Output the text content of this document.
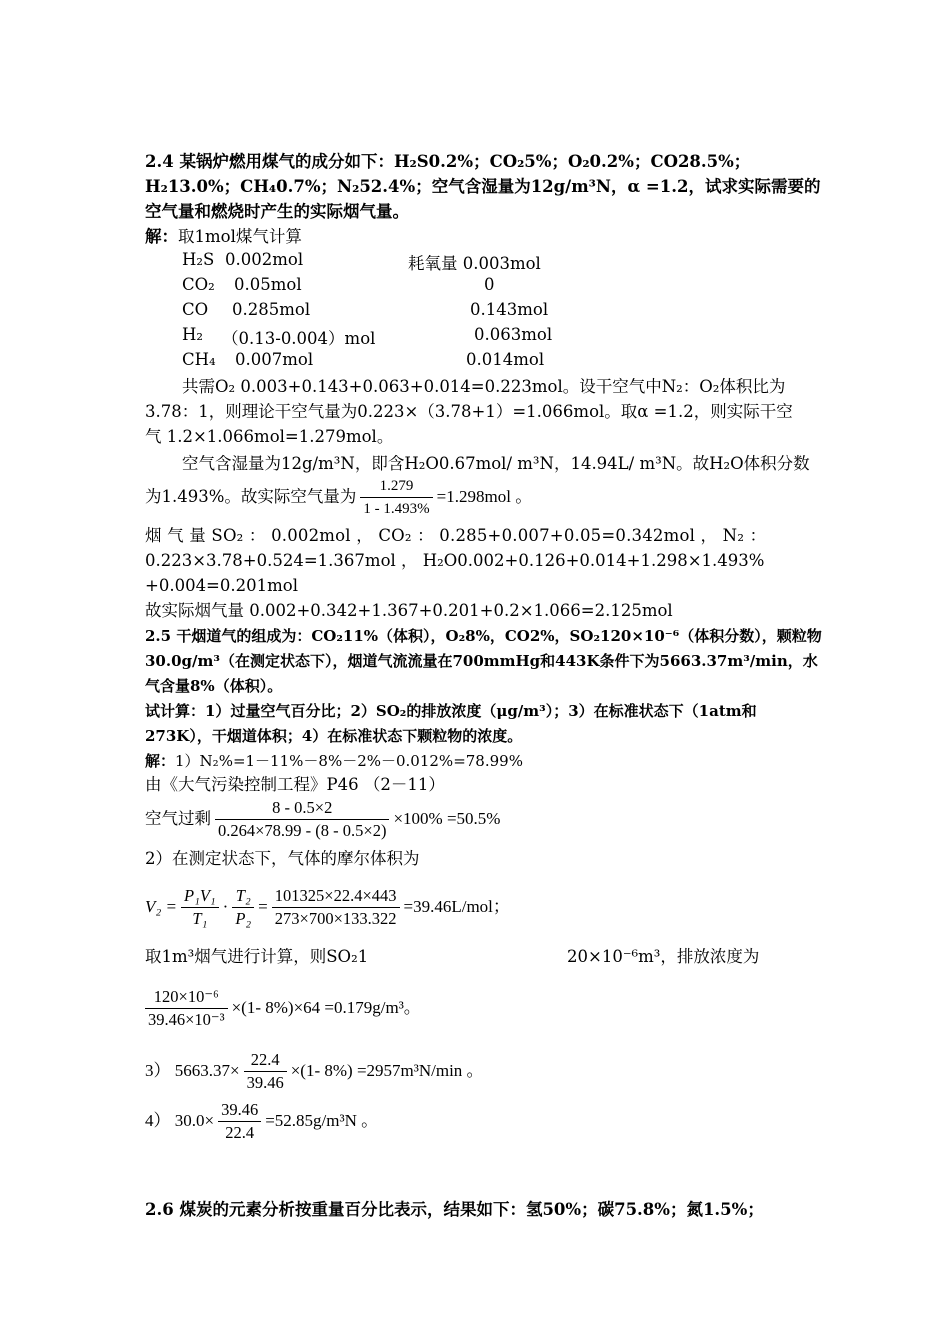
2.4 某锅炉燃用煤气的成分如下：H₂S0.2%；CO₂5%；O₂0.2%；CO28.5%；
H₂13.0%；CH₄0.7%；N₂52.4%；空气含湿量为12g/m³N，α =1.2，试求实际需要的
空气量和燃烧时产生的实际烟气量。
解：取1mol煤气计算
H₂S 0.002mol	耗氧量 0.003mol
CO₂ 0.05mol	0
CO 0.285mol	0.143mol
H₂ （0.13-0.004）mol	0.063mol
CH₄ 0.007mol	0.014mol
共需O₂ 0.003+0.143+0.063+0.014=0.223mol。设干空气中N₂：O₂体积比为
3.78：1，则理论干空气量为0.223×（3.78+1）=1.066mol。取α =1.2，则实际干空
气 1.2×1.066mol=1.279mol。
空气含湿量为12g/m³N，即含H₂O0.67mol/ m³N，14.94L/ m³N。故H₂O体积分数
为1.493%。故实际空气量为 $\frac{1.279}{1 - 1.493\%} =1.298mol$ 。
烟 气 量 SO₂ ： 0.002mol ， CO₂ ： 0.285+0.007+0.05=0.342mol ， N₂ ：
0.223×3.78+0.524=1.367mol ， H₂O0.002+0.126+0.014+1.298×1.493%
+0.004=0.201mol
故实际烟气量 0.002+0.342+1.367+0.201+0.2×1.066=2.125mol
2.5 干烟道气的组成为：CO₂11%（体积），O₂8%，CO2%，SO₂120×10⁻⁶（体积分数），颗粒物
30.0g/m³（在测定状态下），烟道气流流量在700mmHg和443K条件下为5663.37m³/min，水
气含量8%（体积）。
试计算：1）过量空气百分比；2）SO₂的排放浓度（μg/m³）；3）在标准状态下（1atm和
273K），干烟道体积；4）在标准状态下颗粒物的浓度。
解：1）N₂%=1－11%－8%－2%－0.012%=78.99%
由《大气污染控制工程》P46 （2－11）
空气过剩 $\frac{8 - 0.5\times 2}{0.264\times 78.99 - (8 - 0.5\times 2)} \times 100\% =50.5\%$
2）在测定状态下，气体的摩尔体积为
$V_2 = \frac{\text{P₁V₁}}{\text{T₁}} \cdot \frac{\text{T₂}}{\text{P₂}} = \frac{101325\times 22.4\times 443}{273\times 700\times 133.322} =39.46L/mol$；
取1m³烟气进行计算，则SO₂1	20×10⁻⁶m³，排放浓度为
$\frac{\text{120×10⁻⁶}}{\text{39.46×10⁻³}} \times(1-$ 8%)×64 =0.179g/m³。
3） $5663.37\times \frac{22.4}{39.46} \times(1-$ 8%) =2957m³N/min 。
4） $30.0\times \frac{39.46}{22.4} =52.85g/m^3N$ 。
2.6 煤炭的元素分析按重量百分比表示，结果如下：氢50%；碳75.8%；氮1.5%；
